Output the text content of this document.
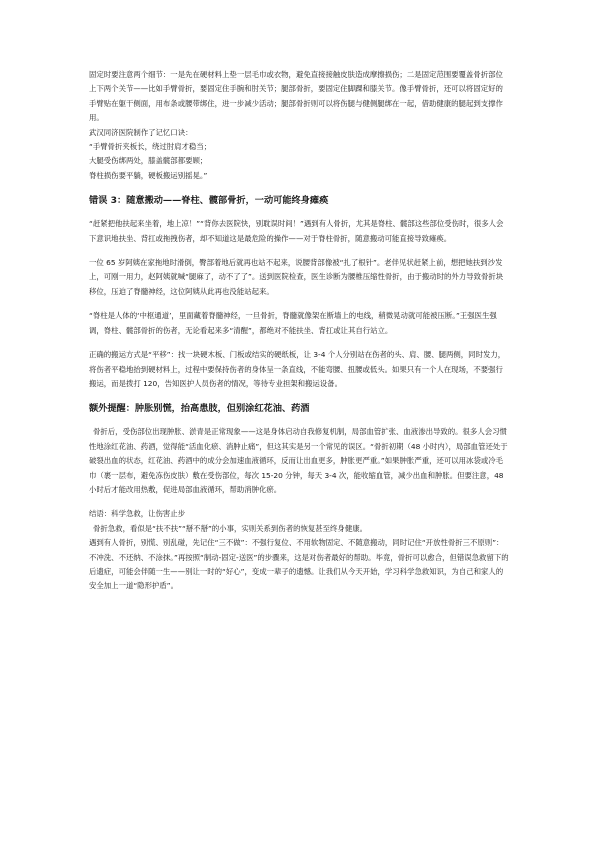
固定时要注意两个细节：一是先在硬材料上垫一层毛巾或衣物，避免直接接触皮肤造成摩擦损伤；二是固定范围要覆盖骨折部位上下两个关节——比如手臂骨折，要固定住手腕和肘关节；腿部骨折，要固定住脚踝和膝关节。像手臂骨折，还可以将固定好的手臂贴在躯干侧面，用布条或腰带绑住，进一步减少活动；腿部骨折则可以将伤腿与健侧腿绑在一起，借助健康的腿起到支撑作用。

武汉同济医院制作了记忆口诀：

“手臂骨折夹板长，绕过肘肩才稳当；

大腿受伤绑两处，膝盖髋部都要顾；

脊柱损伤要平躺，硬板搬运别摇晃。”

错误 3：随意搬动——脊柱、髋部骨折，一动可能终身瘫痪

“赶紧把他扶起来坐着，地上凉！”“背你去医院快，别耽误时间！”遇到有人骨折，尤其是脊柱、髋部这些部位受伤时，很多人会下意识地扶坐、背扛或拖拽伤者，却不知道这是最危险的操作——对于脊柱骨折，随意搬动可能直接导致瘫痪。

一位 65 岁阿姨在家拖地时滑倒，臀部着地后就再也站不起来，说腰背部像被“扎了根针”。老伴见状赶紧上前，想把她扶到沙发上，可刚一用力，赵阿姨就喊“腿麻了，动不了了”。送到医院检查，医生诊断为腰椎压缩性骨折，由于搬动时的外力导致骨折块移位，压迫了脊髓神经，这位阿姨从此再也没能站起来。

“脊柱是人体的‘中枢通道’，里面藏着脊髓神经，一旦骨折，脊髓就像架在断墙上的电线，稍微晃动就可能被压断。”王强医生强调，脊柱、髋部骨折的伤者，无论看起来多“清醒”，都绝对不能扶坐、背扛或让其自行站立。

正确的搬运方式是“平移”：找一块硬木板、门板或结实的硬纸板，让 3-4 个人分别站在伤者的头、肩、腰、腿两侧，同时发力，将伤者平稳地抬到硬材料上，过程中要保持伤者的身体呈一条直线，不能弯腰、扭腰或低头。如果只有一个人在现场，不要强行搬运，而是拨打 120，告知医护人员伤者的情况，等待专业担架和搬运设备。

额外提醒：肿胀别慌，抬高患肢，但别涂红花油、药酒

骨折后，受伤部位出现肿胀、淤青是正常现象——这是身体启动自我修复机制，局部血管扩张、血液渗出导致的。很多人会习惯性地涂红花油、药酒，觉得能“活血化瘀、消肿止痛”，但这其实是另一个常见的误区。“骨折初期（48 小时内），局部血管还处于破裂出血的状态，红花油、药酒中的成分会加速血液循环，反而让出血更多，肿胀更严重。”如果肿胀严重，还可以用冰袋或冷毛巾（裹一层布，避免冻伤皮肤）敷在受伤部位，每次 15-20 分钟，每天 3-4 次，能收缩血管，减少出血和肿胀。但要注意，48 小时后才能改用热敷，促进局部血液循环，帮助消肿化瘀。

结语：科学急救，让伤害止步

骨折急救，看似是“扶不扶”“掰不掰”的小事，实则关系到伤者的恢复甚至终身健康。

遇到有人骨折，别慌、别乱碰，先记住“三不做”：不强行复位、不用软物固定、不随意搬动，同时记住“开放性骨折三不原则”：不冲洗、不还纳、不涂抹。”再按照“制动-固定-送医”的步骤来，这是对伤者最好的帮助。毕竟，骨折可以愈合，但错误急救留下的后遗症，可能会伴随一生——别让一时的“好心”，变成一辈子的遗憾。让我们从今天开始，学习科学急救知识，为自己和家人的安全加上一道“隐形护盾”。
